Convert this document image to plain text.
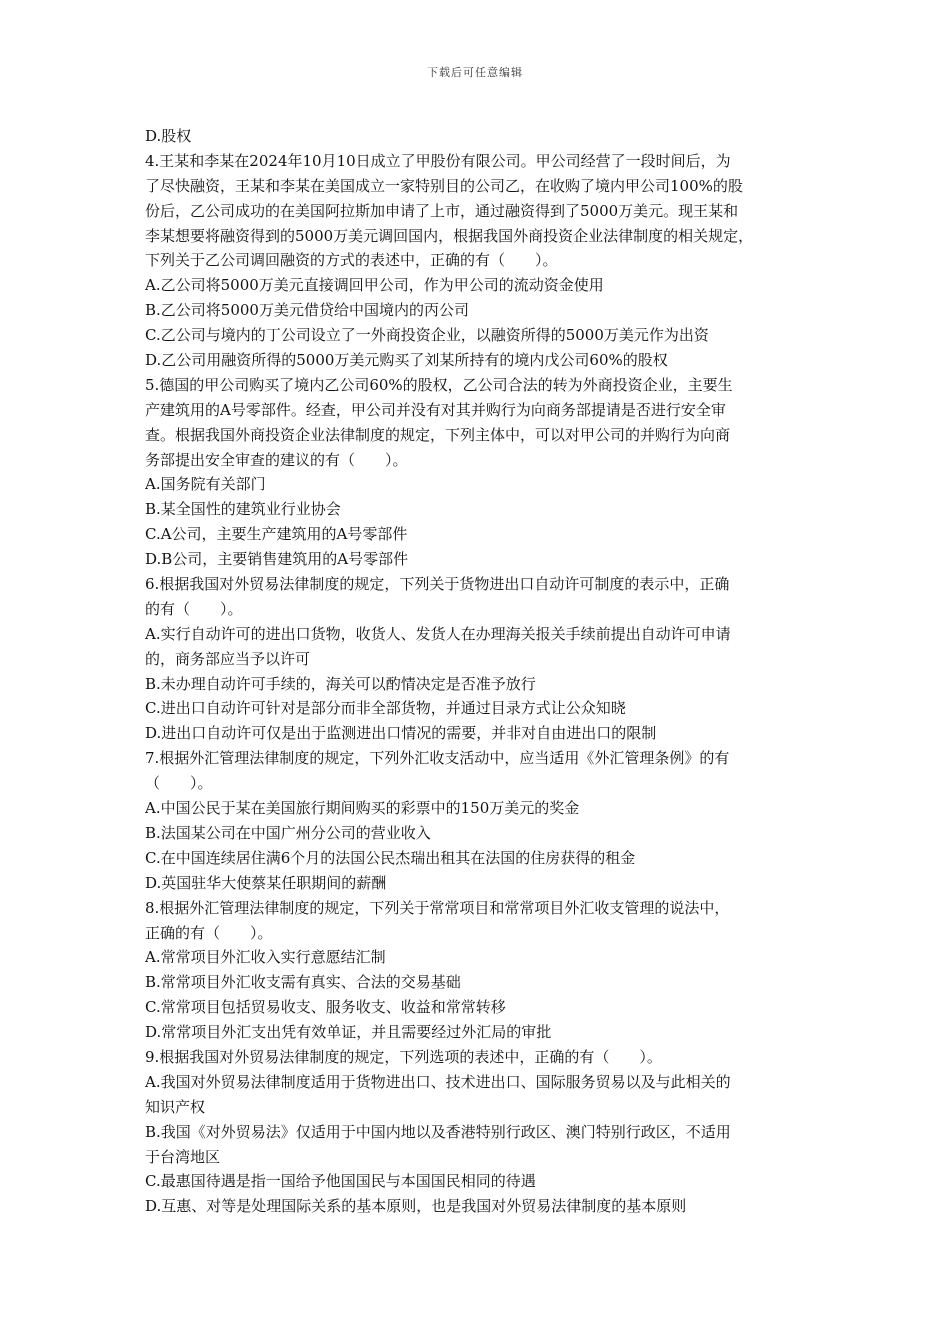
下载后可任意编辑
D.股权
4.王某和李某在2024年10月10日成立了甲股份有限公司。甲公司经营了一段时间后，为
了尽快融资，王某和李某在美国成立一家特别目的公司乙，在收购了境内甲公司100%的股
份后，乙公司成功的在美国阿拉斯加申请了上市，通过融资得到了5000万美元。现王某和
李某想要将融资得到的5000万美元调回国内，根据我国外商投资企业法律制度的相关规定，
下列关于乙公司调回融资的方式的表述中，正确的有（　　）。
A.乙公司将5000万美元直接调回甲公司，作为甲公司的流动资金使用
B.乙公司将5000万美元借贷给中国境内的丙公司
C.乙公司与境内的丁公司设立了一外商投资企业，以融资所得的5000万美元作为出资
D.乙公司用融资所得的5000万美元购买了刘某所持有的境内戊公司60%的股权
5.德国的甲公司购买了境内乙公司60%的股权，乙公司合法的转为外商投资企业，主要生
产建筑用的A号零部件。经查，甲公司并没有对其并购行为向商务部提请是否进行安全审
查。根据我国外商投资企业法律制度的规定，下列主体中，可以对甲公司的并购行为向商
务部提出安全审查的建议的有（　　）。
A.国务院有关部门
B.某全国性的建筑业行业协会
C.A公司，主要生产建筑用的A号零部件
D.B公司，主要销售建筑用的A号零部件
6.根据我国对外贸易法律制度的规定，下列关于货物进出口自动许可制度的表示中，正确
的有（　　）。
A.实行自动许可的进出口货物，收货人、发货人在办理海关报关手续前提出自动许可申请
的，商务部应当予以许可
B.未办理自动许可手续的，海关可以酌情决定是否准予放行
C.进出口自动许可针对是部分而非全部货物，并通过目录方式让公众知晓
D.进出口自动许可仅是出于监测进出口情况的需要，并非对自由进出口的限制
7.根据外汇管理法律制度的规定，下列外汇收支活动中，应当适用《外汇管理条例》的有
（　　）。
A.中国公民于某在美国旅行期间购买的彩票中的150万美元的奖金
B.法国某公司在中国广州分公司的营业收入
C.在中国连续居住满6个月的法国公民杰瑞出租其在法国的住房获得的租金
D.英国驻华大使蔡某任职期间的薪酬
8.根据外汇管理法律制度的规定，下列关于常常项目和常常项目外汇收支管理的说法中，
正确的有（　　）。
A.常常项目外汇收入实行意愿结汇制
B.常常项目外汇收支需有真实、合法的交易基础
C.常常项目包括贸易收支、服务收支、收益和常常转移
D.常常项目外汇支出凭有效单证，并且需要经过外汇局的审批
9.根据我国对外贸易法律制度的规定，下列选项的表述中，正确的有（　　）。
A.我国对外贸易法律制度适用于货物进出口、技术进出口、国际服务贸易以及与此相关的
知识产权
B.我国《对外贸易法》仅适用于中国内地以及香港特别行政区、澳门特别行政区，不适用
于台湾地区
C.最惠国待遇是指一国给予他国国民与本国国民相同的待遇
D.互惠、对等是处理国际关系的基本原则，也是我国对外贸易法律制度的基本原则
